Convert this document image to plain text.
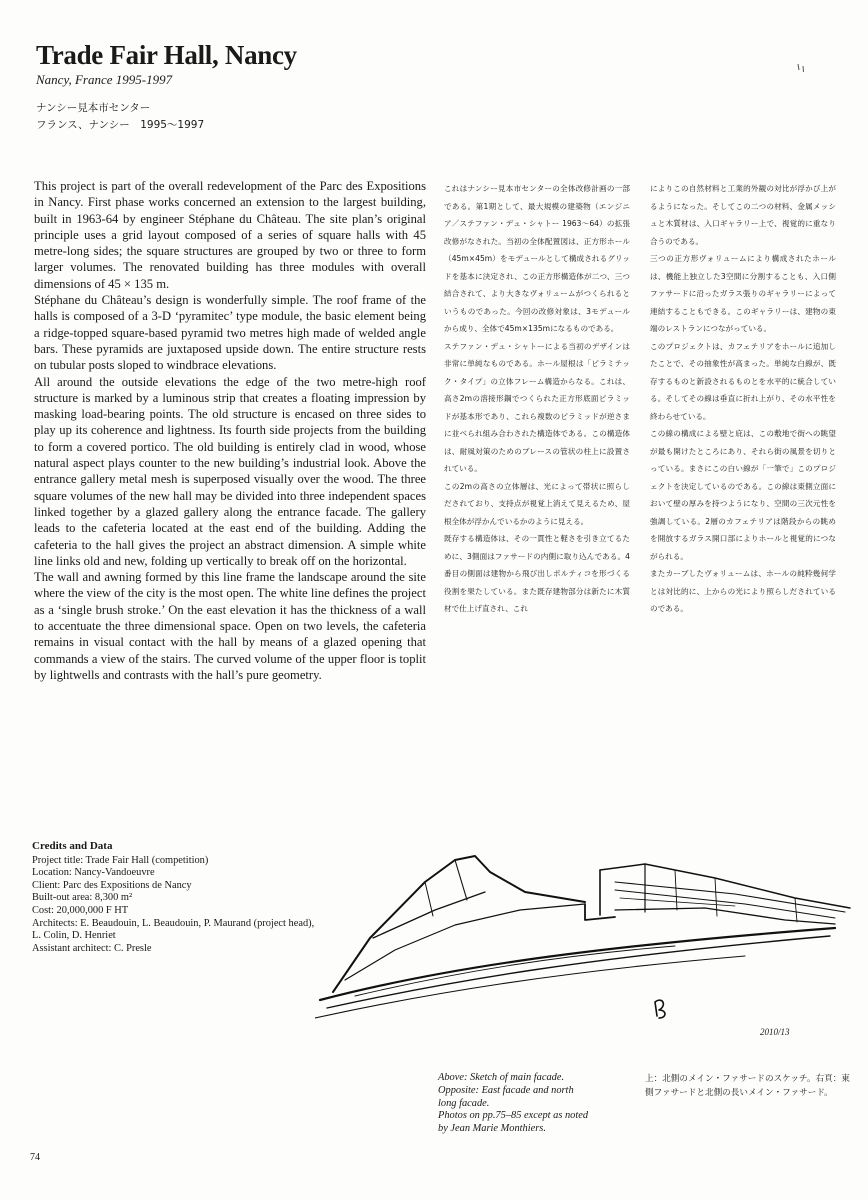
Trade Fair Hall, Nancy

Nancy, France 1995-1997

ナンシー見本市センター
フランス、ナンシー　1995〜1997

This project is part of the overall redevelopment of the Parc des Expositions in Nancy. First phase works concerned an extension to the largest building, built in 1963-64 by engineer Stéphane du Château. The site plan’s original principle uses a grid layout composed of a series of square halls with 45 metre-long sides; the square structures are grouped by two or three to form larger volumes. The renovated building has three modules with overall dimensions of 45 × 135 m.

Stéphane du Château’s design is wonderfully simple. The roof frame of the halls is composed of a 3-D ‘pyramitec’ type module, the basic element being a ridge-topped square-based pyramid two metres high made of welded angle bars. These pyramids are juxtaposed upside down. The entire structure rests on tubular posts sloped to windbrace elevations.

All around the outside elevations the edge of the two metre-high roof structure is marked by a luminous strip that creates a floating impression by masking load-bearing points. The old structure is encased on three sides to play up its coherence and lightness. Its fourth side projects from the building to form a covered portico. The old building is entirely clad in wood, whose natural aspect plays counter to the new building’s industrial look. Above the entrance gallery metal mesh is superposed visually over the wood. The three square volumes of the new hall may be divided into three independent spaces linked together by a glazed gallery along the entrance facade. The gallery leads to the cafeteria located at the east end of the building. Adding the cafeteria to the hall gives the project an abstract dimension. A simple white line links old and new, folding up vertically to break off on the horizontal.

The wall and awning formed by this line frame the landscape around the site where the view of the city is the most open. The white line defines the project as a ‘single brush stroke.’ On the east elevation it has the thickness of a wall to accentuate the three dimensional space. Open on two levels, the cafeteria remains in visual contact with the hall by means of a glazed opening that commands a view of the stairs. The curved volume of the upper floor is toplit by lightwells and contrasts with the hall’s pure geometry.

これはナンシー見本市センターの全体改修計画の一部である。第1期として、最大規模の建築物（エンジニア／ステファン・デュ・シャトー 1963〜64）の拡張改修がなされた。当初の全体配置図は、正方形ホール（45m×45m）をモデュールとして構成されるグリッドを基本に決定され、この正方形構造体が二つ、三つ結合されて、より大きなヴォリュームがつくられるというものであった。今回の改修対象は、3モデュールから成り、全体で45m×135mになるものである。

ステファン・デュ・シャトーによる当初のデザインは非常に単純なものである。ホール屋根は「ピラミテック・タイプ」の立体フレーム構造からなる。これは、高さ2mの溶接形鋼でつくられた正方形底面ピラミッドが基本形であり、これら複数のピラミッドが逆さまに並べられ組み合わされた構造体である。この構造体は、耐風対策のためのブレースの管状の柱上に設置されている。

この2mの高さの立体層は、光によって帯状に照らしだされており、支持点が視覚上消えて見えるため、屋根全体が浮かんでいるかのように見える。

既存する構造体は、その一貫性と軽さを引き立てるために、3側面はファサードの内側に取り込んである。4番目の側面は建物から飛び出しポルティコを形づくる役割を果たしている。また既存建物部分は新たに木質材で仕上げ直され、これ

によりこの自然材料と工業的外観の対比が浮かび上がるようになった。そしてこの二つの材料、金属メッシュと木質材は、入口ギャラリー上で、視覚的に重なり合うのである。

三つの正方形ヴォリュームにより構成されたホールは、機能上独立した3空間に分割することも、入口側ファサードに沿ったガラス張りのギャラリーによって連結することもできる。このギャラリーは、建物の東端のレストランにつながっている。

このプロジェクトは、カフェテリアをホールに追加したことで、その抽象性が高まった。単純な白線が、既存するものと新設されるものとを水平的に統合している。そしてその線は垂直に折れ上がり、その水平性を終わらせている。

この線の構成による壁と庇は、この敷地で街への眺望が最も開けたところにあり、それら街の風景を切りとっている。まさにこの白い線が「一筆で」このプロジェクトを決定しているのである。この線は東側立面において壁の厚みを持つようになり、空間の三次元性を強調している。2層のカフェテリアは階段からの眺めを開放するガラス開口部によりホールと視覚的につながられる。

またカーブしたヴォリュームは、ホールの純粋幾何学とは対比的に、上からの光により照らしだされているのである。

Credits and Data
Project title: Trade Fair Hall (competition)
Location: Nancy-Vandoeuvre
Client: Parc des Expositions de Nancy
Built-out area: 8,300 m²
Cost: 20,000,000 F HT
Architects: E. Beaudouin, L. Beaudouin, P. Maurand (project head),
L. Colin, D. Henriet
Assistant architect: C. Presle
2010/13
Above: Sketch of main facade.
Opposite: East facade and north
long facade.
Photos on pp.75–85 except as noted
by Jean Marie Monthiers.
上：北側のメイン・ファサードのスケッチ。右頁：東側ファサードと北側の長いメイン・ファサード。
74
